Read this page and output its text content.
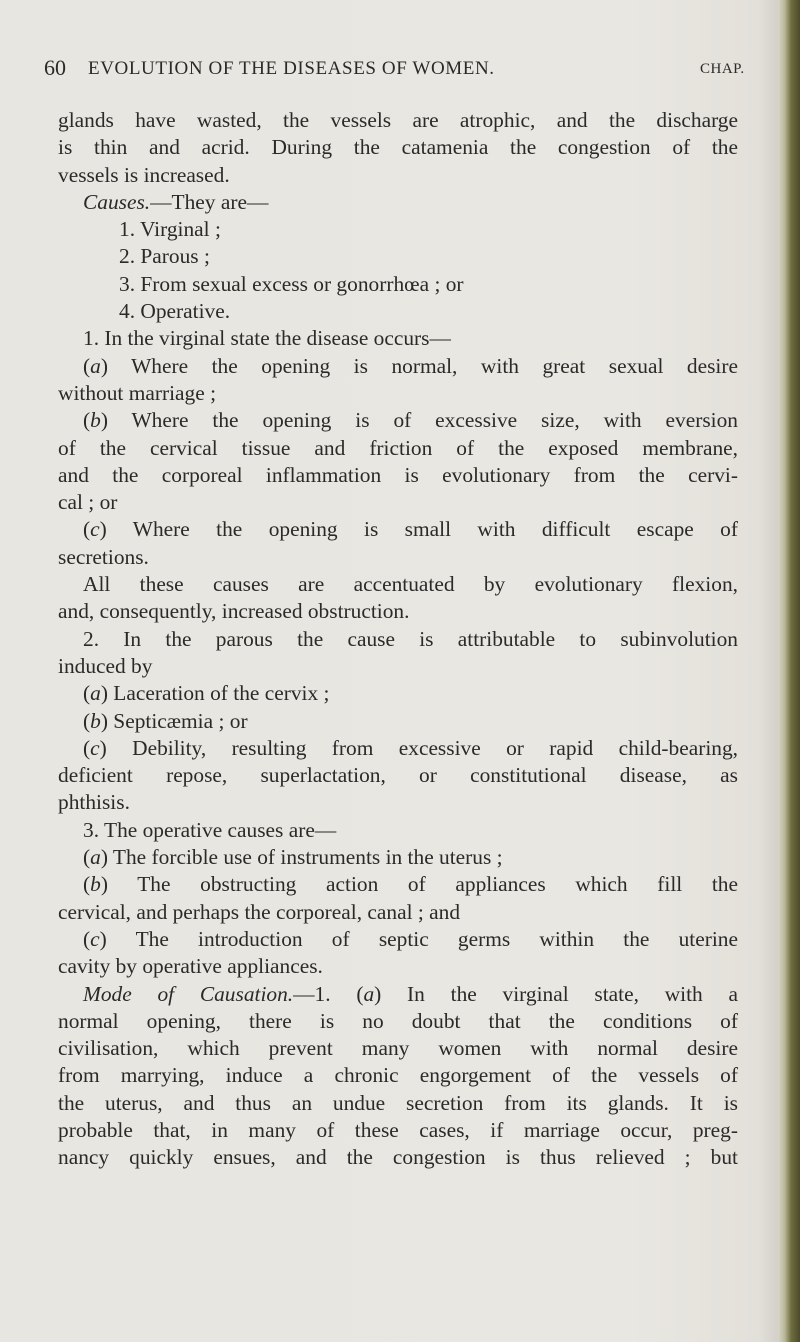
60 EVOLUTION OF THE DISEASES OF WOMEN.	CHAP.
glands have wasted, the vessels are atrophic, and the discharge
is thin and acrid. During the catamenia the congestion of the
vessels is increased.
Causes.—They are—
1. Virginal ;
2. Parous ;
3. From sexual excess or gonorrhœa ; or
4. Operative.
1. In the virginal state the disease occurs—
(a) Where the opening is normal, with great sexual desire
without marriage ;
(b) Where the opening is of excessive size, with eversion
of the cervical tissue and friction of the exposed membrane,
and the corporeal inflammation is evolutionary from the cervi-
cal ; or
(c) Where the opening is small with difficult escape of
secretions.
All these causes are accentuated by evolutionary flexion,
and, consequently, increased obstruction.
2. In the parous the cause is attributable to subinvolution
induced by
(a) Laceration of the cervix ;
(b) Septicæmia ; or
(c) Debility, resulting from excessive or rapid child-bearing,
deficient repose, superlactation, or constitutional disease, as
phthisis.
3. The operative causes are—
(a) The forcible use of instruments in the uterus ;
(b) The obstructing action of appliances which fill the
cervical, and perhaps the corporeal, canal ; and
(c) The introduction of septic germs within the uterine
cavity by operative appliances.
Mode of Causation.—1. (a) In the virginal state, with a
normal opening, there is no doubt that the conditions of
civilisation, which prevent many women with normal desire
from marrying, induce a chronic engorgement of the vessels of
the uterus, and thus an undue secretion from its glands. It is
probable that, in many of these cases, if marriage occur, preg-
nancy quickly ensues, and the congestion is thus relieved ; but
